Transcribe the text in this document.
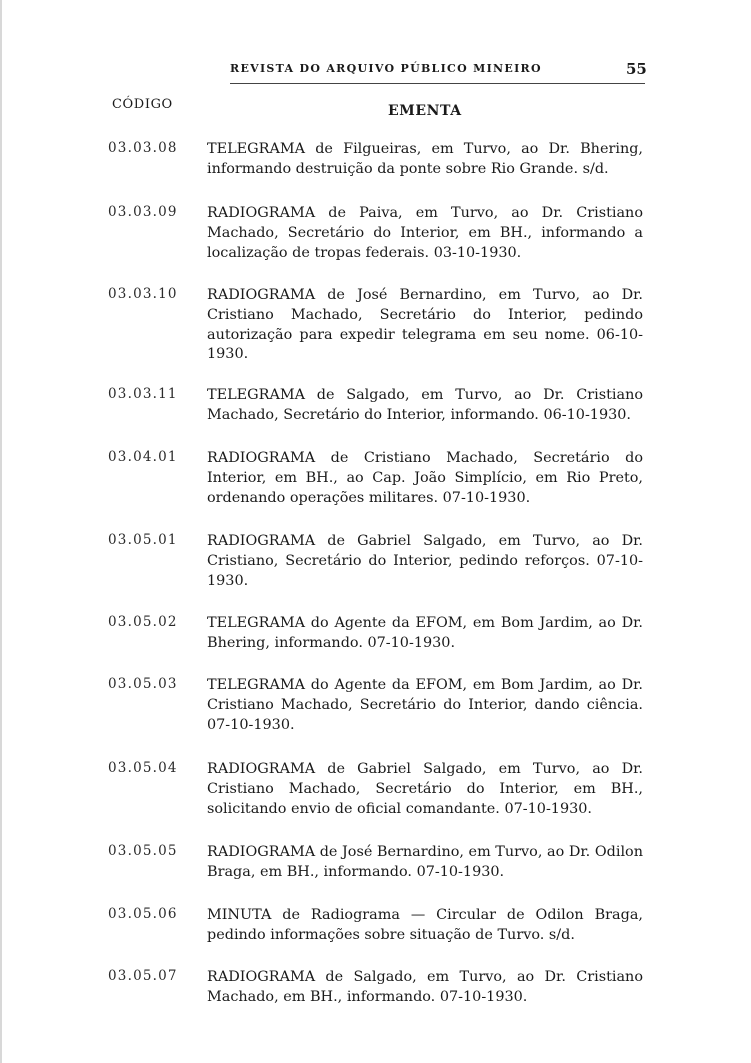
REVISTA DO ARQUIVO PÚBLICO MINEIRO	55
CÓDIGO	EMENTA
03.03.08 TELEGRAMA de Filgueiras, em Turvo, ao Dr. Bhering, informando destruição da ponte sobre Rio Grande. s/d.
03.03.09 RADIOGRAMA de Paiva, em Turvo, ao Dr. Cristiano Machado, Secretário do Interior, em BH., informando a localização de tropas federais. 03-10-1930.
03.03.10 RADIOGRAMA de José Bernardino, em Turvo, ao Dr. Cristiano Machado, Secretário do Interior, pedindo autorização para expedir telegrama em seu nome. 06-10-1930.
03.03.11 TELEGRAMA de Salgado, em Turvo, ao Dr. Cristiano Machado, Secretário do Interior, informando. 06-10-1930.
03.04.01 RADIOGRAMA de Cristiano Machado, Secretário do Interior, em BH., ao Cap. João Simplício, em Rio Preto, ordenando operações militares. 07-10-1930.
03.05.01 RADIOGRAMA de Gabriel Salgado, em Turvo, ao Dr. Cristiano, Secretário do Interior, pedindo reforços. 07-10-1930.
03.05.02 TELEGRAMA do Agente da EFOM, em Bom Jardim, ao Dr. Bhering, informando. 07-10-1930.
03.05.03 TELEGRAMA do Agente da EFOM, em Bom Jardim, ao Dr. Cristiano Machado, Secretário do Interior, dando ciência. 07-10-1930.
03.05.04 RADIOGRAMA de Gabriel Salgado, em Turvo, ao Dr. Cristiano Machado, Secretário do Interior, em BH., solicitando envio de oficial comandante. 07-10-1930.
03.05.05 RADIOGRAMA de José Bernardino, em Turvo, ao Dr. Odilon Braga, em BH., informando. 07-10-1930.
03.05.06 MINUTA de Radiograma — Circular de Odilon Braga, pedindo informações sobre situação de Turvo. s/d.
03.05.07 RADIOGRAMA de Salgado, em Turvo, ao Dr. Cristiano Machado, em BH., informando. 07-10-1930.
